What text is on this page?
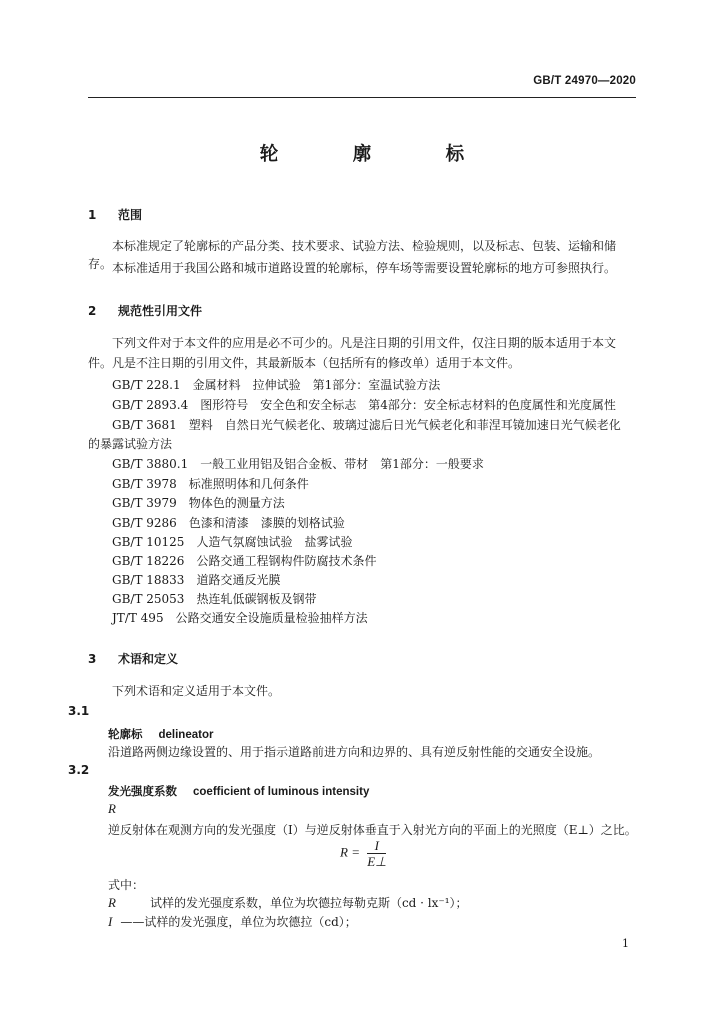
GB/T 24970—2020
轮 廓 标
1 范围
本标准规定了轮廓标的产品分类、技术要求、试验方法、检验规则，以及标志、包装、运输和储存。 本标准适用于我国公路和城市道路设置的轮廓标，停车场等需要设置轮廓标的地方可参照执行。
2 规范性引用文件
下列文件对于本文件的应用是必不可少的。凡是注日期的引用文件，仅注日期的版本适用于本文件。凡是不注日期的引用文件，其最新版本（包括所有的修改单）适用于本文件。
GB/T 228.1　金属材料　拉伸试验　第1部分：室温试验方法
GB/T 2893.4　图形符号　安全色和安全标志　第4部分：安全标志材料的色度属性和光度属性
GB/T 3681　塑料　自然日光气候老化、玻璃过滤后日光气候老化和菲涅耳镜加速日光气候老化
的暴露试验方法
GB/T 3880.1　一般工业用铝及铝合金板、带材　第1部分：一般要求
GB/T 3978　标准照明体和几何条件
GB/T 3979　物体色的测量方法
GB/T 9286　色漆和清漆　漆膜的划格试验
GB/T 10125　人造气氛腐蚀试验　盐雾试验
GB/T 18226　公路交通工程钢构件防腐技术条件
GB/T 18833　道路交通反光膜
GB/T 25053　热连轧低碳钢板及钢带
JT/T 495　公路交通安全设施质量检验抽样方法
3 术语和定义
下列术语和定义适用于本文件。
3.1
轮廓标 delineator
沿道路两侧边缘设置的、用于指示道路前进方向和边界的、具有逆反射性能的交通安全设施。
3.2
发光强度系数 coefficient of luminous intensity
R
逆反射体在观测方向的发光强度（I）与逆反射体垂直于入射光方向的平面上的光照度（E⊥）之比。
$R = \frac{I}{E\perp}$
式中：
R　试样的发光强度系数，单位为坎德拉每勒克斯（cd · lx⁻¹）；
I ——试样的发光强度，单位为坎德拉（cd）；
1
